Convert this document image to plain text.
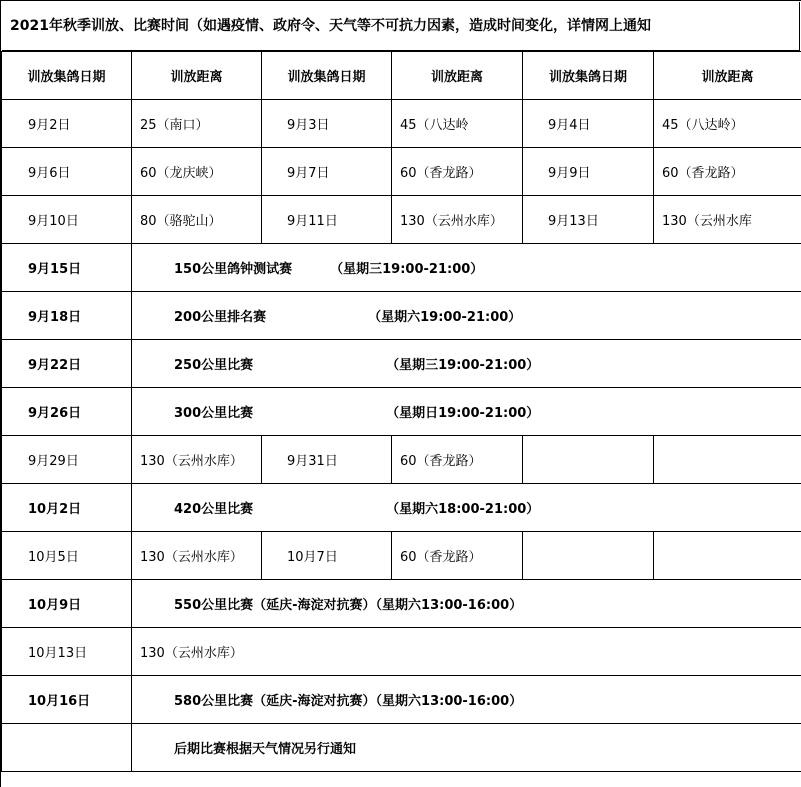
2021年秋季训放、比赛时间（如遇疫情、政府令、天气等不可抗力因素，造成时间变化，详情网上通知
训放集鸽日期	训放距离	训放集鸽日期	训放距离	训放集鸽日期	训放距离
9月2日	25（南口）	9月3日	45（八达岭	9月4日	45（八达岭）
9月6日	60（龙庆峡）	9月7日	60（香龙路）	9月9日	60（香龙路）
9月10日	80（骆驼山）	9月11日	130（云州水库）	9月13日	130（云州水库
9月15日	150公里鸽钟测试赛 （星期三19:00-21:00）				
9月18日	200公里排名赛 （星期六19:00-21:00）				
9月22日	250公里比赛 （星期三19:00-21:00）				
9月26日	300公里比赛 （星期日19:00-21:00）				
9月29日	130（云州水库）	9月31日	60（香龙路）		
10月2日	420公里比赛 （星期六18:00-21:00）				
10月5日	130（云州水库）	10月7日	60（香龙路）		
10月9日	550公里比赛（延庆-海淀对抗赛）（星期六13:00-16:00）				
10月13日	130（云州水库）				
10月16日	580公里比赛（延庆-海淀对抗赛）（星期六13:00-16:00）				
	后期比赛根据天气情况另行通知				
